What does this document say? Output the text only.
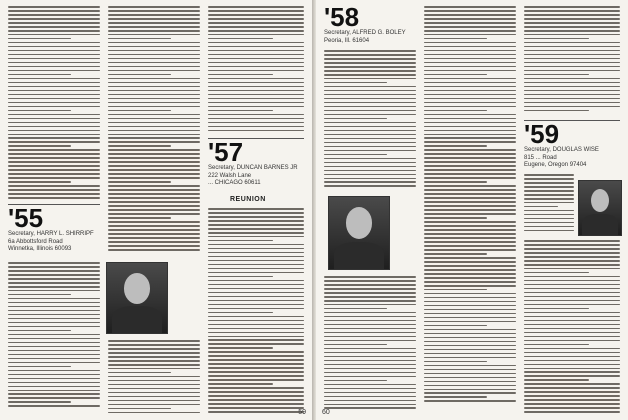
'55
Secretary, HARRY L. SHIRRIPF
6a Abbottsford Road
Winnetka, Illinois 60093
'57
Secretary, DUNCAN BARNES JR
222 Walsh Lane
... CHICAGO 60611
REUNION
59
'58
Secretary, ALFRED G. BOLEY
Peoria, Ill. 61604
'59
Secretary, DOUGLAS WISE
815 ... Road
Eugene, Oregon 97404
60
